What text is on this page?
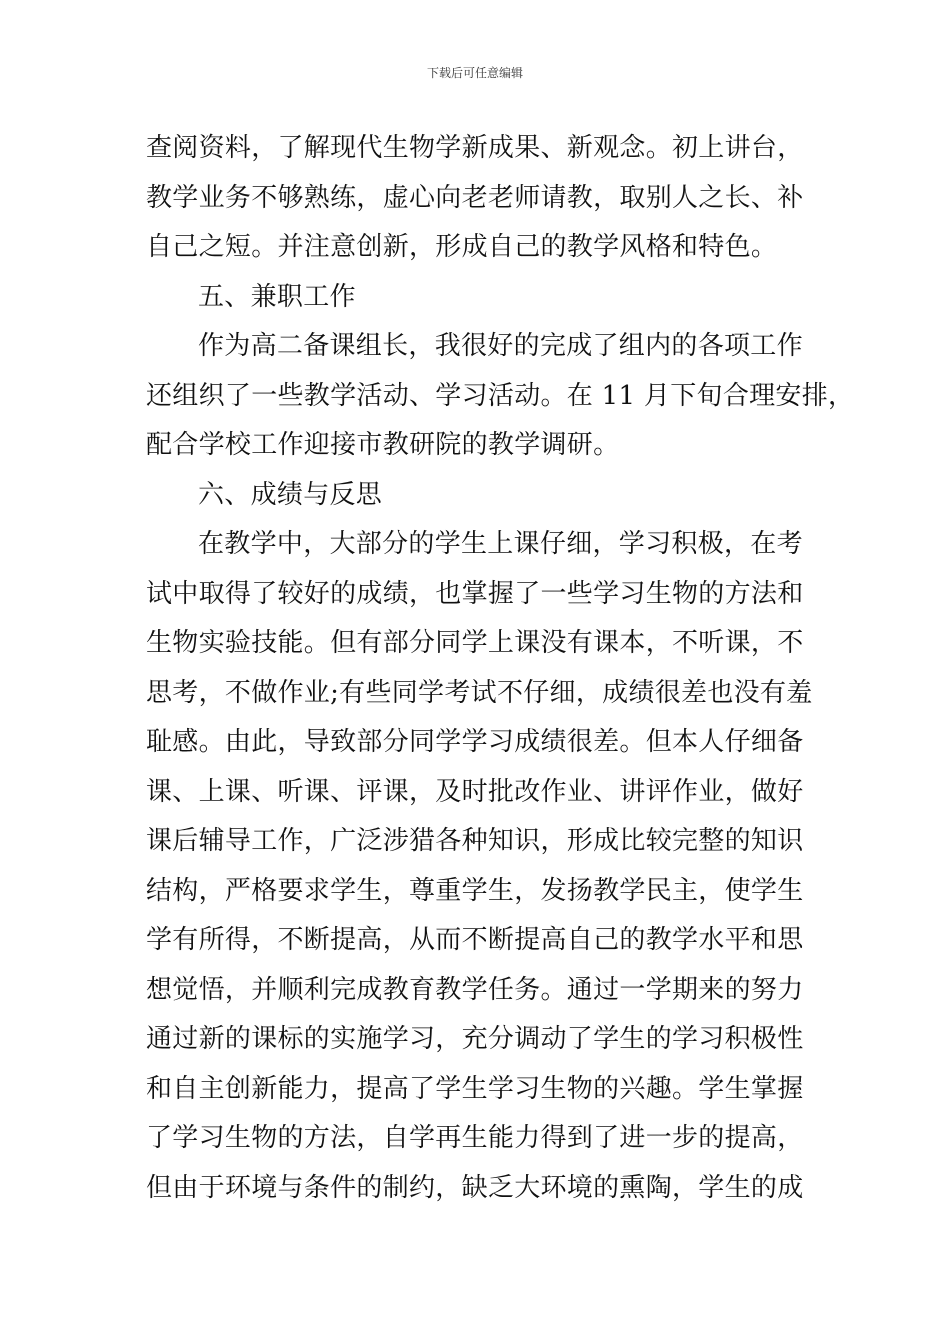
下载后可任意编辑
查阅资料，了解现代生物学新成果、新观念。初上讲台，
教学业务不够熟练，虚心向老老师请教，取别人之长、补
自己之短。并注意创新，形成自己的教学风格和特色。
五、兼职工作
作为高二备课组长，我很好的完成了组内的各项工作
还组织了一些教学活动、学习活动。在 11 月下旬合理安排，
配合学校工作迎接市教研院的教学调研。
六、成绩与反思
在教学中，大部分的学生上课仔细，学习积极，在考
试中取得了较好的成绩，也掌握了一些学习生物的方法和
生物实验技能。但有部分同学上课没有课本，不听课，不
思考，不做作业;有些同学考试不仔细，成绩很差也没有羞
耻感。由此，导致部分同学学习成绩很差。但本人仔细备
课、上课、听课、评课，及时批改作业、讲评作业，做好
课后辅导工作，广泛涉猎各种知识，形成比较完整的知识
结构，严格要求学生，尊重学生，发扬教学民主，使学生
学有所得，不断提高，从而不断提高自己的教学水平和思
想觉悟，并顺利完成教育教学任务。通过一学期来的努力
通过新的课标的实施学习，充分调动了学生的学习积极性
和自主创新能力，提高了学生学习生物的兴趣。学生掌握
了学习生物的方法，自学再生能力得到了进一步的提高，
但由于环境与条件的制约，缺乏大环境的熏陶，学生的成
